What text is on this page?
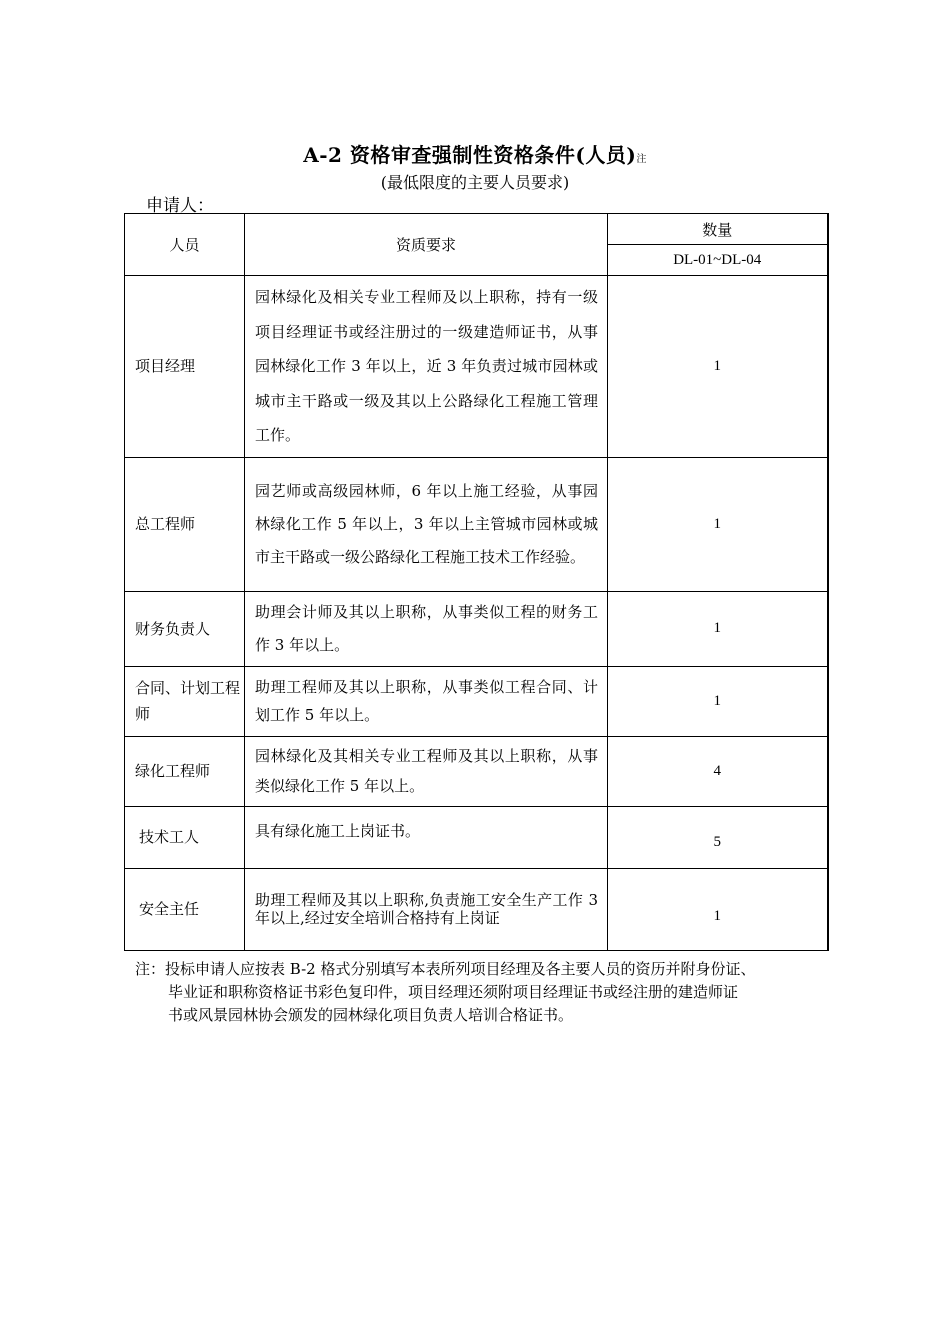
A-2 资格审查强制性资格条件(人员)注
(最低限度的主要人员要求)
申请人：
人员	资质要求	数量
		DL-01~DL-04
项目经理	园林绿化及相关专业工程师及以上职称，持有一级项目经理证书或经注册过的一级建造师证书，从事园林绿化工作 3 年以上，近 3 年负责过城市园林或城市主干路或一级及其以上公路绿化工程施工管理工作。	1
总工程师	园艺师或高级园林师，6 年以上施工经验，从事园林绿化工作 5 年以上，3 年以上主管城市园林或城市主干路或一级公路绿化工程施工技术工作经验。	1
财务负责人	助理会计师及其以上职称，从事类似工程的财务工作 3 年以上。	1
合同、计划工程师	助理工程师及其以上职称，从事类似工程合同、计划工作 5 年以上。	1
绿化工程师	园林绿化及其相关专业工程师及其以上职称，从事类似绿化工作 5 年以上。	4
技术工人	具有绿化施工上岗证书。	5
安全主任	助理工程师及其以上职称,负责施工安全生产工作 3 年以上,经过安全培训合格持有上岗证	1
注：投标申请人应按表 B-2 格式分别填写本表所列项目经理及各主要人员的资历并附身份证、
毕业证和职称资格证书彩色复印件，项目经理还须附项目经理证书或经注册的建造师证
书或风景园林协会颁发的园林绿化项目负责人培训合格证书。
